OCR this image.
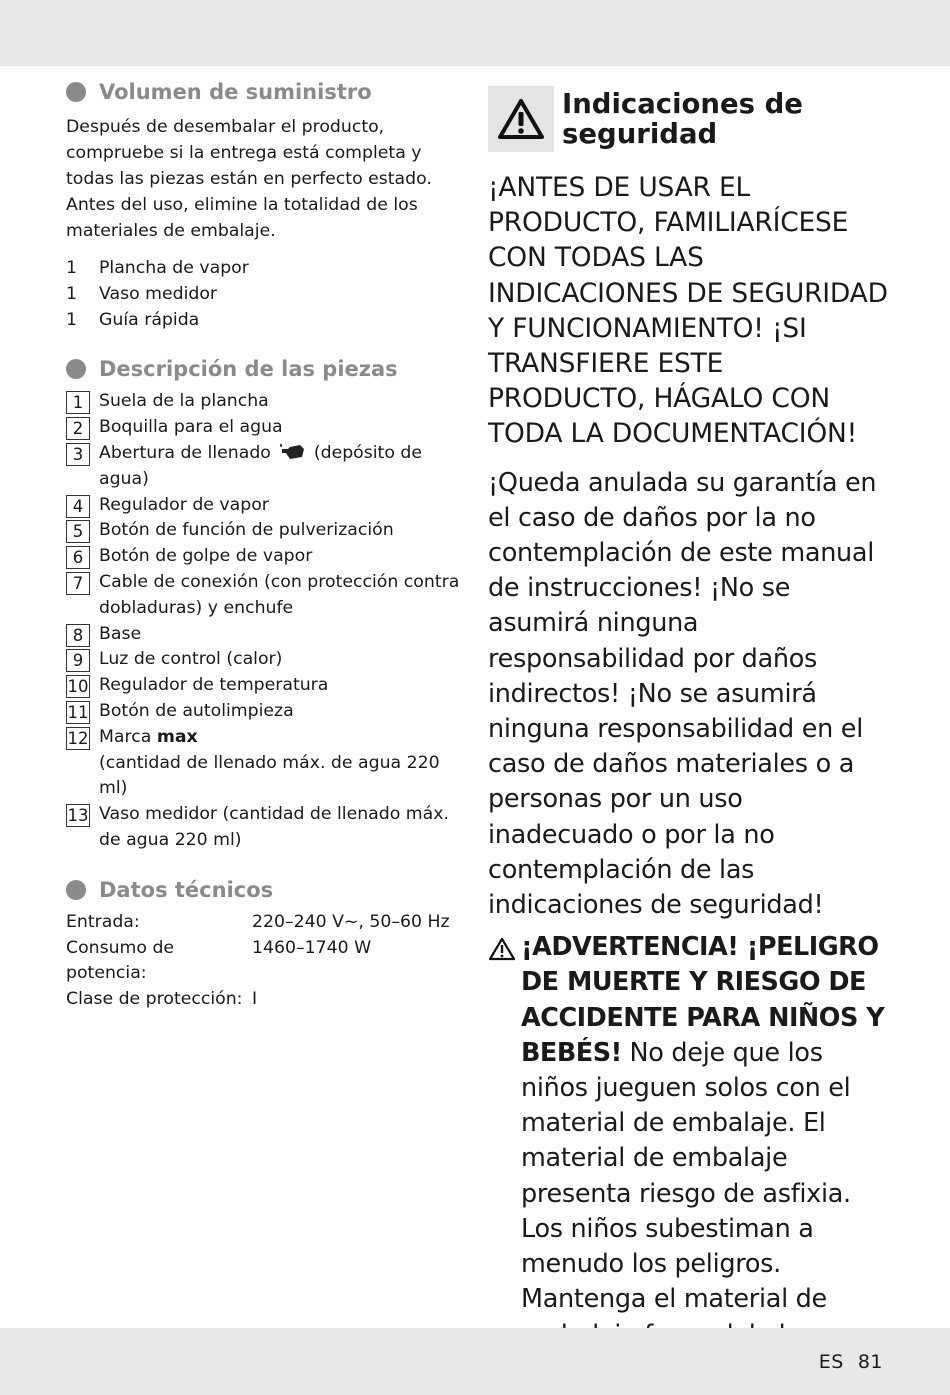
Volumen de suministro

Después de desembalar el producto, compruebe si la entrega está completa y todas las piezas están en perfecto estado. Antes del uso, elimine la totalidad de los materiales de embalaje.

1	Plancha de vapor
1	Vaso medidor
1	Guía rápida
Descripción de las piezas
1 Suela de la plancha
2 Boquilla para el agua
3 Abertura de llenado (depósito de agua)
4 Regulador de vapor
5 Botón de función de pulverización
6 Botón de golpe de vapor
7 Cable de conexión (con protección contra dobladuras) y enchufe
8 Base
9 Luz de control (calor)
10 Regulador de temperatura
11 Botón de autolimpieza
12 Marca max
(cantidad de llenado máx. de agua 220 ml)
13 Vaso medidor (cantidad de llenado máx. de agua 220 ml)
Datos técnicos
Entrada:	220–240 V~, 50–60 Hz
Consumo de potencia:
1460–1740 W
Clase de protección: I
Indicaciones de seguridad
¡ANTES DE USAR EL PRODUCTO, FAMILIARÍCESE CON TODAS LAS INDICACIONES DE SEGURIDAD Y FUNCIONAMIENTO! ¡SI TRANSFIERE ESTE PRODUCTO, HÁGALO CON TODA LA DOCUMENTACIÓN!
¡Queda anulada su garantía en el caso de daños por la no contemplación de este manual de instrucciones! ¡No se asumirá ninguna responsabilidad por daños indirectos! ¡No se asumirá ninguna responsabilidad en el caso de daños materiales o a personas por un uso inadecuado o por la no contemplación de las indicaciones de seguridad!
¡ADVERTENCIA! ¡PELIGRO DE MUERTE Y RIESGO DE ACCIDENTE PARA NIÑOS Y BEBÉS! No deje que los niños jueguen solos con el material de embalaje. El material de embalaje presenta riesgo de asfixia. Los niños subestiman a menudo los peligros. Mantenga el material de
ES 81
